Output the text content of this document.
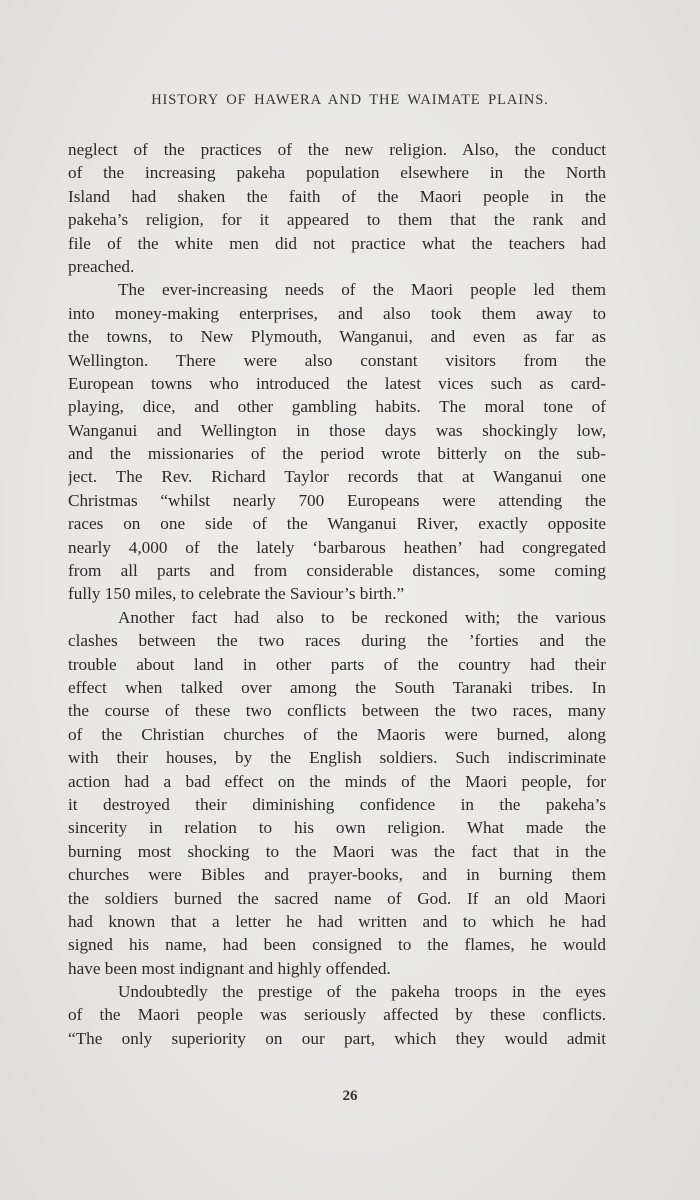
HISTORY OF HAWERA AND THE WAIMATE PLAINS.
neglect of the practices of the new religion. Also, the conduct
of the increasing pakeha population elsewhere in the North
Island had shaken the faith of the Maori people in the
pakeha’s religion, for it appeared to them that the rank and
file of the white men did not practice what the teachers had
preached.
The ever-increasing needs of the Maori people led them
into money-making enterprises, and also took them away to
the towns, to New Plymouth, Wanganui, and even as far as
Wellington. There were also constant visitors from the
European towns who introduced the latest vices such as card-
playing, dice, and other gambling habits. The moral tone of
Wanganui and Wellington in those days was shockingly low,
and the missionaries of the period wrote bitterly on the sub-
ject. The Rev. Richard Taylor records that at Wanganui one
Christmas “whilst nearly 700 Europeans were attending the
races on one side of the Wanganui River, exactly opposite
nearly 4,000 of the lately ‘barbarous heathen’ had congregated
from all parts and from considerable distances, some coming
fully 150 miles, to celebrate the Saviour’s birth.”
Another fact had also to be reckoned with; the various
clashes between the two races during the ’forties and the
trouble about land in other parts of the country had their
effect when talked over among the South Taranaki tribes. In
the course of these two conflicts between the two races, many
of the Christian churches of the Maoris were burned, along
with their houses, by the English soldiers. Such indiscriminate
action had a bad effect on the minds of the Maori people, for
it destroyed their diminishing confidence in the pakeha’s
sincerity in relation to his own religion. What made the
burning most shocking to the Maori was the fact that in the
churches were Bibles and prayer-books, and in burning them
the soldiers burned the sacred name of God. If an old Maori
had known that a letter he had written and to which he had
signed his name, had been consigned to the flames, he would
have been most indignant and highly offended.
Undoubtedly the prestige of the pakeha troops in the eyes
of the Maori people was seriously affected by these conflicts.
“The only superiority on our part, which they would admit
26
